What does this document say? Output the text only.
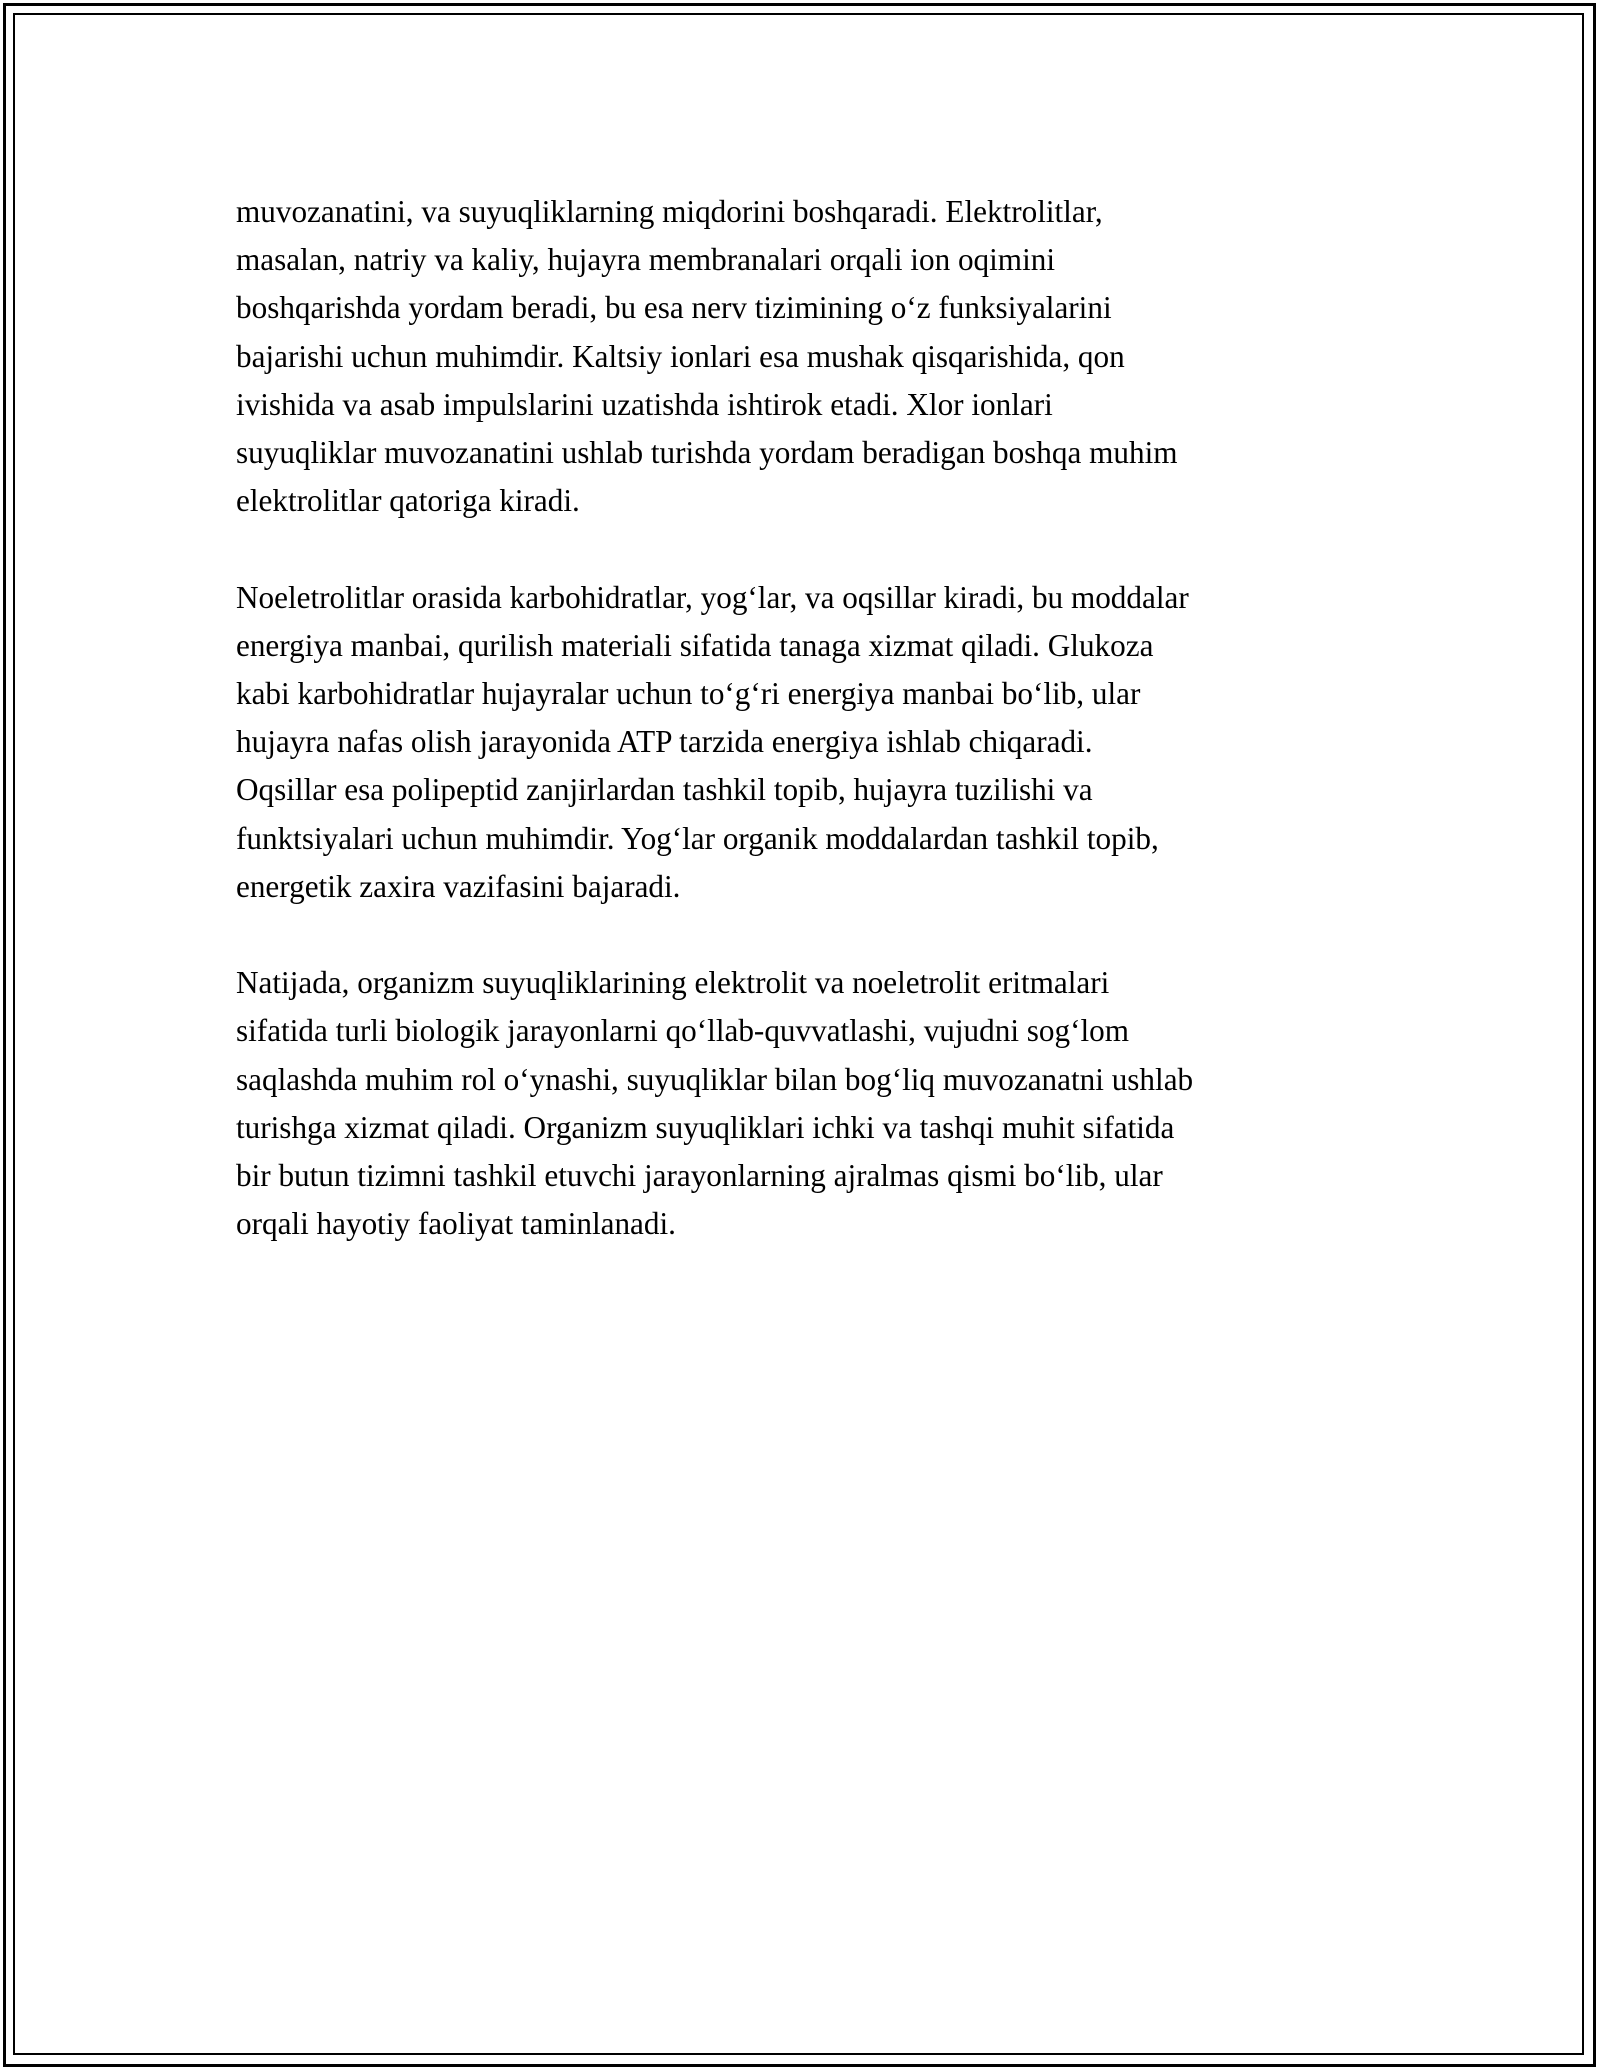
muvozanatini, va suyuqliklarning miqdorini boshqaradi. Elektrolitlar,
masalan, natriy va kaliy, hujayra membranalari orqali ion oqimini
boshqarishda yordam beradi, bu esa nerv tizimining o‘z funksiyalarini
bajarishi uchun muhimdir. Kaltsiy ionlari esa mushak qisqarishida, qon
ivishida va asab impulslarini uzatishda ishtirok etadi. Xlor ionlari
suyuqliklar muvozanatini ushlab turishda yordam beradigan boshqa muhim
elektrolitlar qatoriga kiradi.

Noeletrolitlar orasida karbohidratlar, yog‘lar, va oqsillar kiradi, bu moddalar
energiya manbai, qurilish materiali sifatida tanaga xizmat qiladi. Glukoza
kabi karbohidratlar hujayralar uchun to‘g‘ri energiya manbai bo‘lib, ular
hujayra nafas olish jarayonida ATP tarzida energiya ishlab chiqaradi.
Oqsillar esa polipeptid zanjirlardan tashkil topib, hujayra tuzilishi va
funktsiyalari uchun muhimdir. Yog‘lar organik moddalardan tashkil topib,
energetik zaxira vazifasini bajaradi.

Natijada, organizm suyuqliklarining elektrolit va noeletrolit eritmalari
sifatida turli biologik jarayonlarni qo‘llab-quvvatlashi, vujudni sog‘lom
saqlashda muhim rol o‘ynashi, suyuqliklar bilan bog‘liq muvozanatni ushlab
turishga xizmat qiladi. Organizm suyuqliklari ichki va tashqi muhit sifatida
bir butun tizimni tashkil etuvchi jarayonlarning ajralmas qismi bo‘lib, ular
orqali hayotiy faoliyat taminlanadi.
